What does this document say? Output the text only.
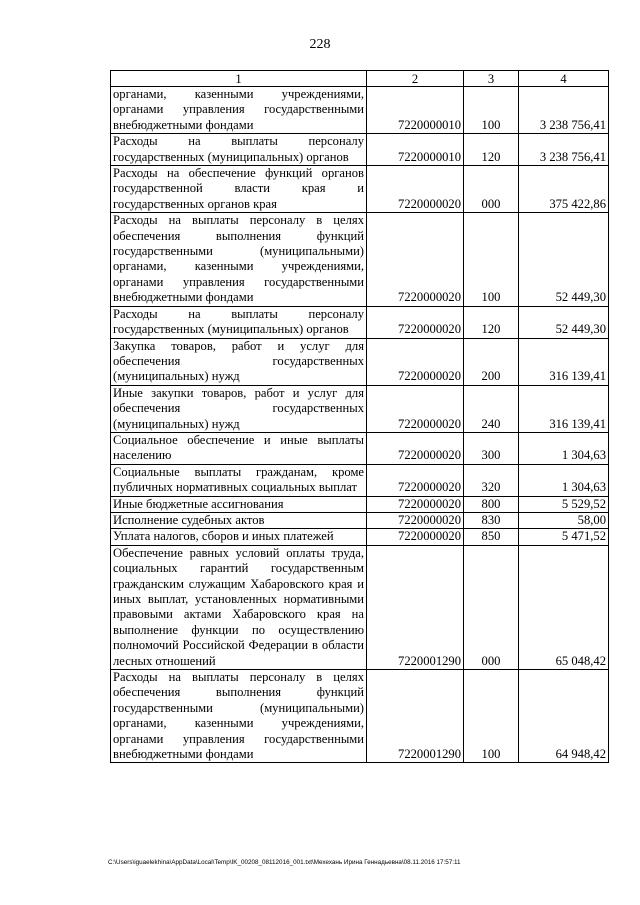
228
1	2	3	4
органами, казенными учреждениями, органами управления государственными внебюджетными фондами	7220000010	100	3 238 756,41
Расходы на выплаты персоналу государственных (муниципальных) органов	7220000010	120	3 238 756,41
Расходы на обеспечение функций органов государственной власти края и государственных органов края	7220000020	000	375 422,86
Расходы на выплаты персоналу в целях обеспечения выполнения функций государственными (муниципальными) органами, казенными учреждениями, органами управления государственными внебюджетными фондами	7220000020	100	52 449,30
Расходы на выплаты персоналу государственных (муниципальных) органов	7220000020	120	52 449,30
Закупка товаров, работ и услуг для обеспечения государственных (муниципальных) нужд	7220000020	200	316 139,41
Иные закупки товаров, работ и услуг для обеспечения государственных (муниципальных) нужд	7220000020	240	316 139,41
Социальное обеспечение и иные выплаты населению	7220000020	300	1 304,63
Социальные выплаты гражданам, кроме публичных нормативных социальных выплат	7220000020	320	1 304,63
Иные бюджетные ассигнования	7220000020	800	5 529,52
Исполнение судебных актов	7220000020	830	58,00
Уплата налогов, сборов и иных платежей	7220000020	850	5 471,52
Обеспечение равных условий оплаты труда, социальных гарантий государственным гражданским служащим Хабаровского края и иных выплат, установленных нормативными правовыми актами Хабаровского края на выполнение функции по осуществлению полномочий Российской Федерации в области лесных отношений	7220001290	000	65 048,42
Расходы на выплаты персоналу в целях обеспечения выполнения функций государственными (муниципальными) органами, казенными учреждениями, органами управления государственными внебюджетными фондами	7220001290	100	64 948,42
C:\Users\iguaelekhina\AppData\Local\Temp\IK_00208_08112016_001.txt\Мехехань Ирина Геннадьевна\08.11.2016 17:57:11
